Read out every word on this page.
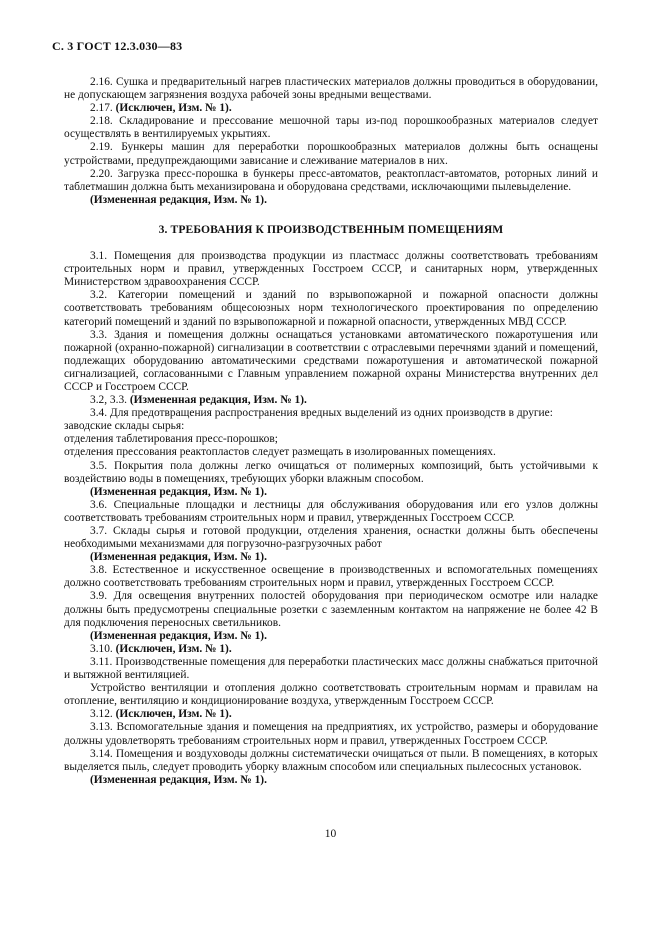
С. 3 ГОСТ 12.3.030—83

2.16. Сушка и предварительный нагрев пластических материалов должны проводиться в оборудовании, не допускающем загрязнения воздуха рабочей зоны вредными веществами.

2.17. (Исключен, Изм. № 1).

2.18. Складирование и прессование мешочной тары из-под порошкообразных материалов следует осуществлять в вентилируемых укрытиях.

2.19. Бункеры машин для переработки порошкообразных материалов должны быть оснащены устройствами, предупреждающими зависание и слеживание материалов в них.

2.20. Загрузка пресс-порошка в бункеры пресс-автоматов, реактопласт-автоматов, роторных линий и таблетмашин должна быть механизирована и оборудована средствами, исключающими пылевыделение.

(Измененная редакция, Изм. № 1).

3. ТРЕБОВАНИЯ К ПРОИЗВОДСТВЕННЫМ ПОМЕЩЕНИЯМ

3.1. Помещения для производства продукции из пластмасс должны соответствовать требованиям строительных норм и правил, утвержденных Госстроем СССР, и санитарных норм, утвержденных Министерством здравоохранения СССР.

3.2. Категории помещений и зданий по взрывопожарной и пожарной опасности должны соответствовать требованиям общесоюзных норм технологического проектирования по определению категорий помещений и зданий по взрывопожарной и пожарной опасности, утвержденных МВД СССР.

3.3. Здания и помещения должны оснащаться установками автоматического пожаротушения или пожарной (охранно-пожарной) сигнализации в соответствии с отраслевыми перечнями зданий и помещений, подлежащих оборудованию автоматическими средствами пожаротушения и автоматической пожарной сигнализацией, согласованными с Главным управлением пожарной охраны Министерства внутренних дел СССР и Госстроем СССР.

3.2, 3.3. (Измененная редакция, Изм. № 1).

3.4. Для предотвращения распространения вредных выделений из одних производств в другие:

заводские склады сырья:

отделения таблетирования пресс-порошков;

отделения прессования реактопластов следует размещать в изолированных помещениях.

3.5. Покрытия пола должны легко очищаться от полимерных композиций, быть устойчивыми к воздействию воды в помещениях, требующих уборки влажным способом.

(Измененная редакция, Изм. № 1).

3.6. Специальные площадки и лестницы для обслуживания оборудования или его узлов должны соответствовать требованиям строительных норм и правил, утвержденных Госстроем СССР.

3.7. Склады сырья и готовой продукции, отделения хранения, оснастки должны быть обеспечены необходимыми механизмами для погрузочно-разгрузочных работ

(Измененная редакция, Изм. № 1).

3.8. Естественное и искусственное освещение в производственных и вспомогательных помещениях должно соответствовать требованиям строительных норм и правил, утвержденных Госстроем СССР.

3.9. Для освещения внутренних полостей оборудования при периодическом осмотре или наладке должны быть предусмотрены специальные розетки с заземленным контактом на напряжение не более 42 В для подключения переносных светильников.

(Измененная редакция, Изм. № 1).

3.10. (Исключен, Изм. № 1).

3.11. Производственные помещения для переработки пластических масс должны снабжаться приточной и вытяжной вентиляцией.

Устройство вентиляции и отопления должно соответствовать строительным нормам и правилам на отопление, вентиляцию и кондиционирование воздуха, утвержденным Госстроем СССР.

3.12. (Исключен, Изм. № 1).

3.13. Вспомогательные здания и помещения на предприятиях, их устройство, размеры и оборудование должны удовлетворять требованиям строительных норм и правил, утвержденных Госстроем СССР.

3.14. Помещения и воздуховоды должны систематически очищаться от пыли. В помещениях, в которых выделяется пыль, следует проводить уборку влажным способом или специальных пылесосных установок.

(Измененная редакция, Изм. № 1).

10
